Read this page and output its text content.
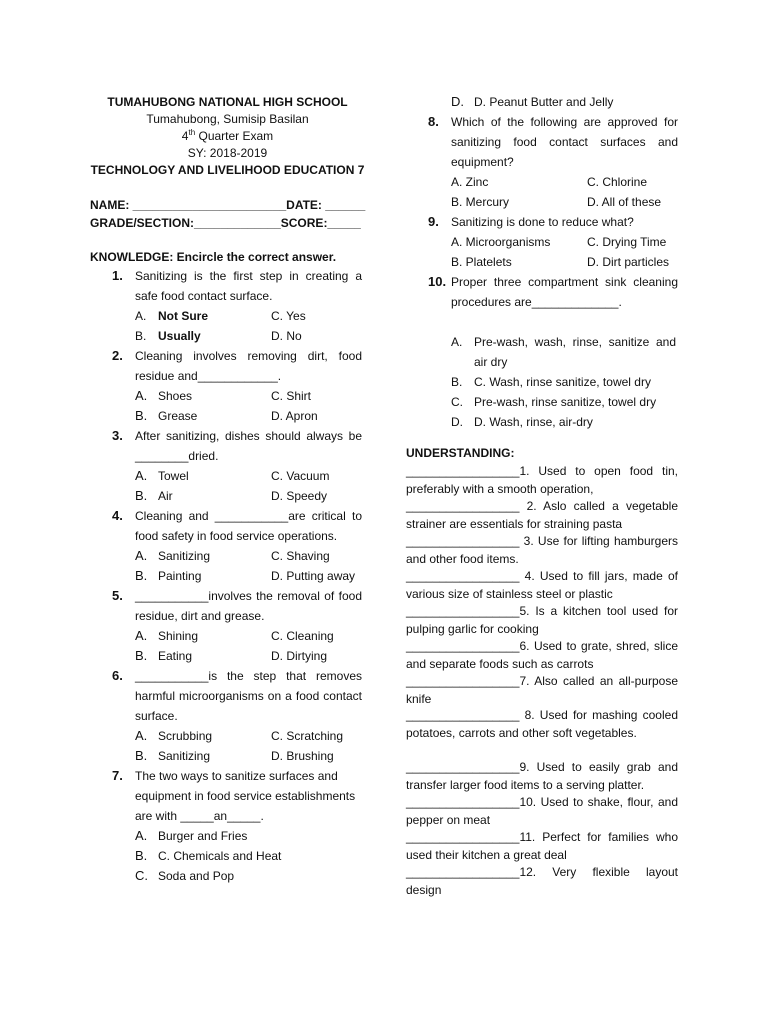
TUMAHUBONG NATIONAL HIGH SCHOOL
Tumahubong, Sumisip Basilan
4th Quarter Exam
SY: 2018-2019
TECHNOLOGY AND LIVELIHOOD EDUCATION 7
NAME: _______________________DATE: ______
GRADE/SECTION:_____________SCORE:_____
KNOWLEDGE: Encircle the correct answer.
1. Sanitizing is the first step in creating a safe food contact surface.
A. Not Sure	C. Yes
B. Usually	D. No
2. Cleaning involves removing dirt, food residue and____________.
A. Shoes	C. Shirt
B. Grease	D. Apron
3. After sanitizing, dishes should always be ________dried.
A. Towel	C. Vacuum
B. Air	D. Speedy
4. Cleaning and ___________are critical to food safety in food service operations.
A. Sanitizing	C. Shaving
B. Painting	D. Putting away
5. ___________involves the removal of food residue, dirt and grease.
A. Shining	C. Cleaning
B. Eating	D. Dirtying
6. ___________is the step that removes harmful microorganisms on a food contact surface.
A. Scrubbing	C. Scratching
B. Sanitizing	D. Brushing
7. The two ways to sanitize surfaces and equipment in food service establishments are with _____an_____.
A. Burger and Fries
B. C. Chemicals and Heat
C. Soda and Pop
D. D. Peanut Butter and Jelly
8. Which of the following are approved for sanitizing food contact surfaces and equipment?
A. Zinc	C. Chlorine
B. Mercury	D. All of these
9. Sanitizing is done to reduce what?
A. Microorganisms	C. Drying Time
B. Platelets	D. Dirt particles
10. Proper three compartment sink cleaning procedures are_____________.
A. Pre-wash, wash, rinse, sanitize and air dry
B. C. Wash, rinse sanitize, towel dry
C. Pre-wash, rinse sanitize, towel dry
D. D. Wash, rinse, air-dry
UNDERSTANDING:
_________________1. Used to open food tin, preferably with a smooth operation,
_________________ 2. Aslo called a vegetable strainer are essentials for straining pasta
_________________ 3. Use for lifting hamburgers and other food items.
_________________ 4. Used to fill jars, made of various size of stainless steel or plastic
_________________5. Is a kitchen tool used for pulping garlic for cooking
_________________6. Used to grate, shred, slice and separate foods such as carrots
_________________7. Also called an all-purpose knife
_________________ 8. Used for mashing cooled potatoes, carrots and other soft vegetables.
_________________9. Used to easily grab and transfer larger food items to a serving platter.
_________________10. Used to shake, flour, and pepper on meat
_________________11. Perfect for families who used their kitchen a great deal
_________________12. Very flexible layout design
